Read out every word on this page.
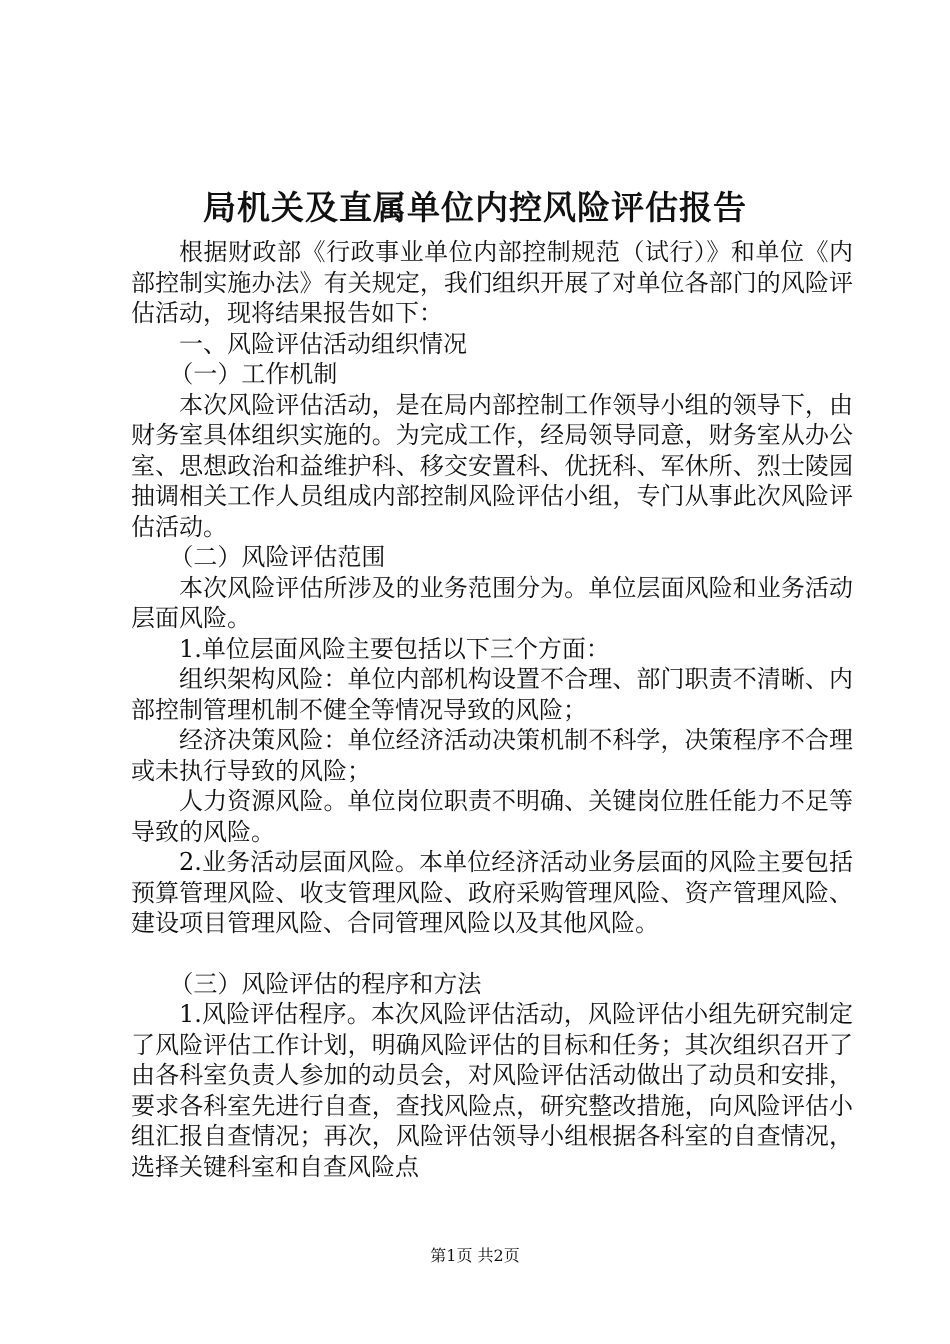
局机关及直属单位内控风险评估报告

根据财政部《行政事业单位内部控制规范（试行）》和单位《内部控制实施办法》有关规定，我们组织开展了对单位各部门的风险评估活动，现将结果报告如下：

一、风险评估活动组织情况

（一）工作机制

本次风险评估活动，是在局内部控制工作领导小组的领导下，由财务室具体组织实施的。为完成工作，经局领导同意，财务室从办公室、思想政治和益维护科、移交安置科、优抚科、军休所、烈士陵园抽调相关工作人员组成内部控制风险评估小组，专门从事此次风险评估活动。

（二）风险评估范围

本次风险评估所涉及的业务范围分为。单位层面风险和业务活动层面风险。

1.单位层面风险主要包括以下三个方面：

组织架构风险：单位内部机构设置不合理、部门职责不清晰、内部控制管理机制不健全等情况导致的风险；

经济决策风险：单位经济活动决策机制不科学，决策程序不合理或未执行导致的风险；

人力资源风险。单位岗位职责不明确、关键岗位胜任能力不足等导致的风险。

2.业务活动层面风险。本单位经济活动业务层面的风险主要包括预算管理风险、收支管理风险、政府采购管理风险、资产管理风险、建设项目管理风险、合同管理风险以及其他风险。

（三）风险评估的程序和方法

1.风险评估程序。本次风险评估活动，风险评估小组先研究制定了风险评估工作计划，明确风险评估的目标和任务；其次组织召开了由各科室负责人参加的动员会，对风险评估活动做出了动员和安排，要求各科室先进行自查，查找风险点，研究整改措施，向风险评估小组汇报自查情况；再次，风险评估领导小组根据各科室的自查情况，选择关键科室和自查风险点

第1页 共2页
